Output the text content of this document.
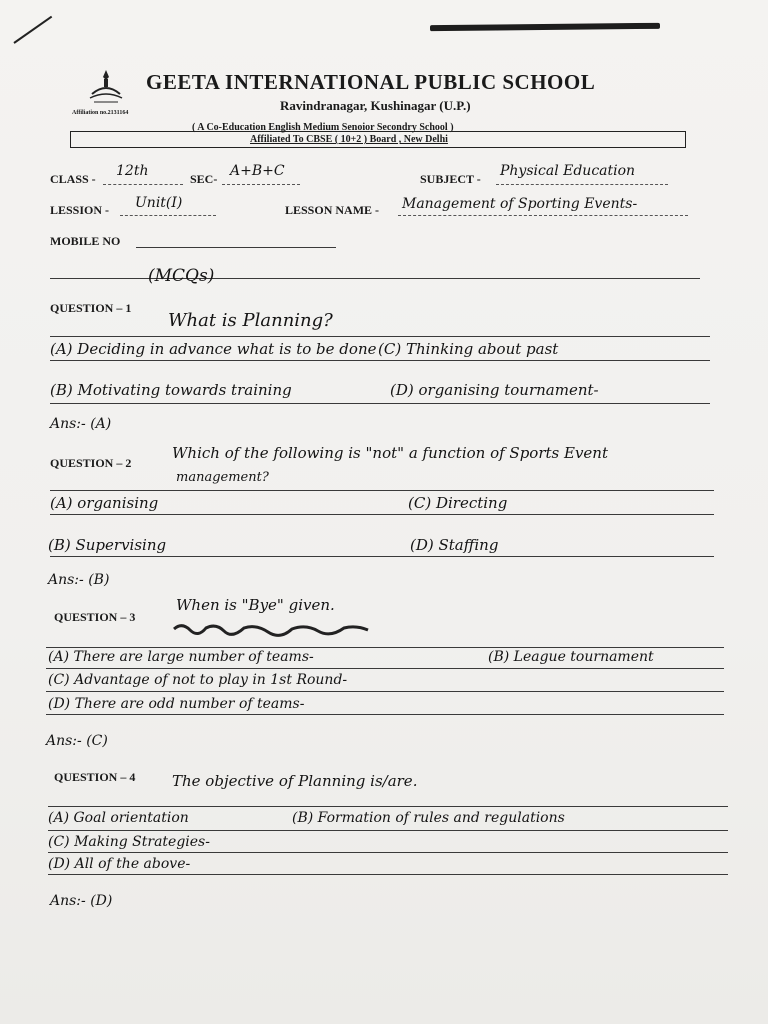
GEETA INTERNATIONAL PUBLIC SCHOOL
Ravindranagar, Kushinagar (U.P.)
Affiliation no.2131164
( A Co-Education English Medium Senoior Secondry School )
Affiliated To CBSE ( 10+2 ) Board , New Delhi
CLASS - 12th	SEC- A+B+C	SUBJECT - Physical Education
LESSION - Unit(I)	LESSON NAME - Management of Sporting Events-
MOBILE NO
(MCQs)
QUESTION – 1
What is Planning?
(A) Deciding in advance what is to be done (C) Thinking about past
(B) Motivating towards training	(D) organising tournament-
Ans:- (A)
QUESTION – 2
Which of the following is "not" a function of Sports Event
management?
(A) organising	(C) Directing
(B) Supervising	(D) Staffing
Ans:- (B)
QUESTION – 3
When is "Bye" given.
(A) There are large number of teams-	(B) League tournament
(C) Advantage of not to play in 1st Round-
(D) There are odd number of teams-
Ans:- (C)
QUESTION – 4 The objective of Planning is/are.
(A) Goal orientation	(B) Formation of rules and regulations
(C) Making Strategies-
(D) All of the above-
Ans:- (D)
